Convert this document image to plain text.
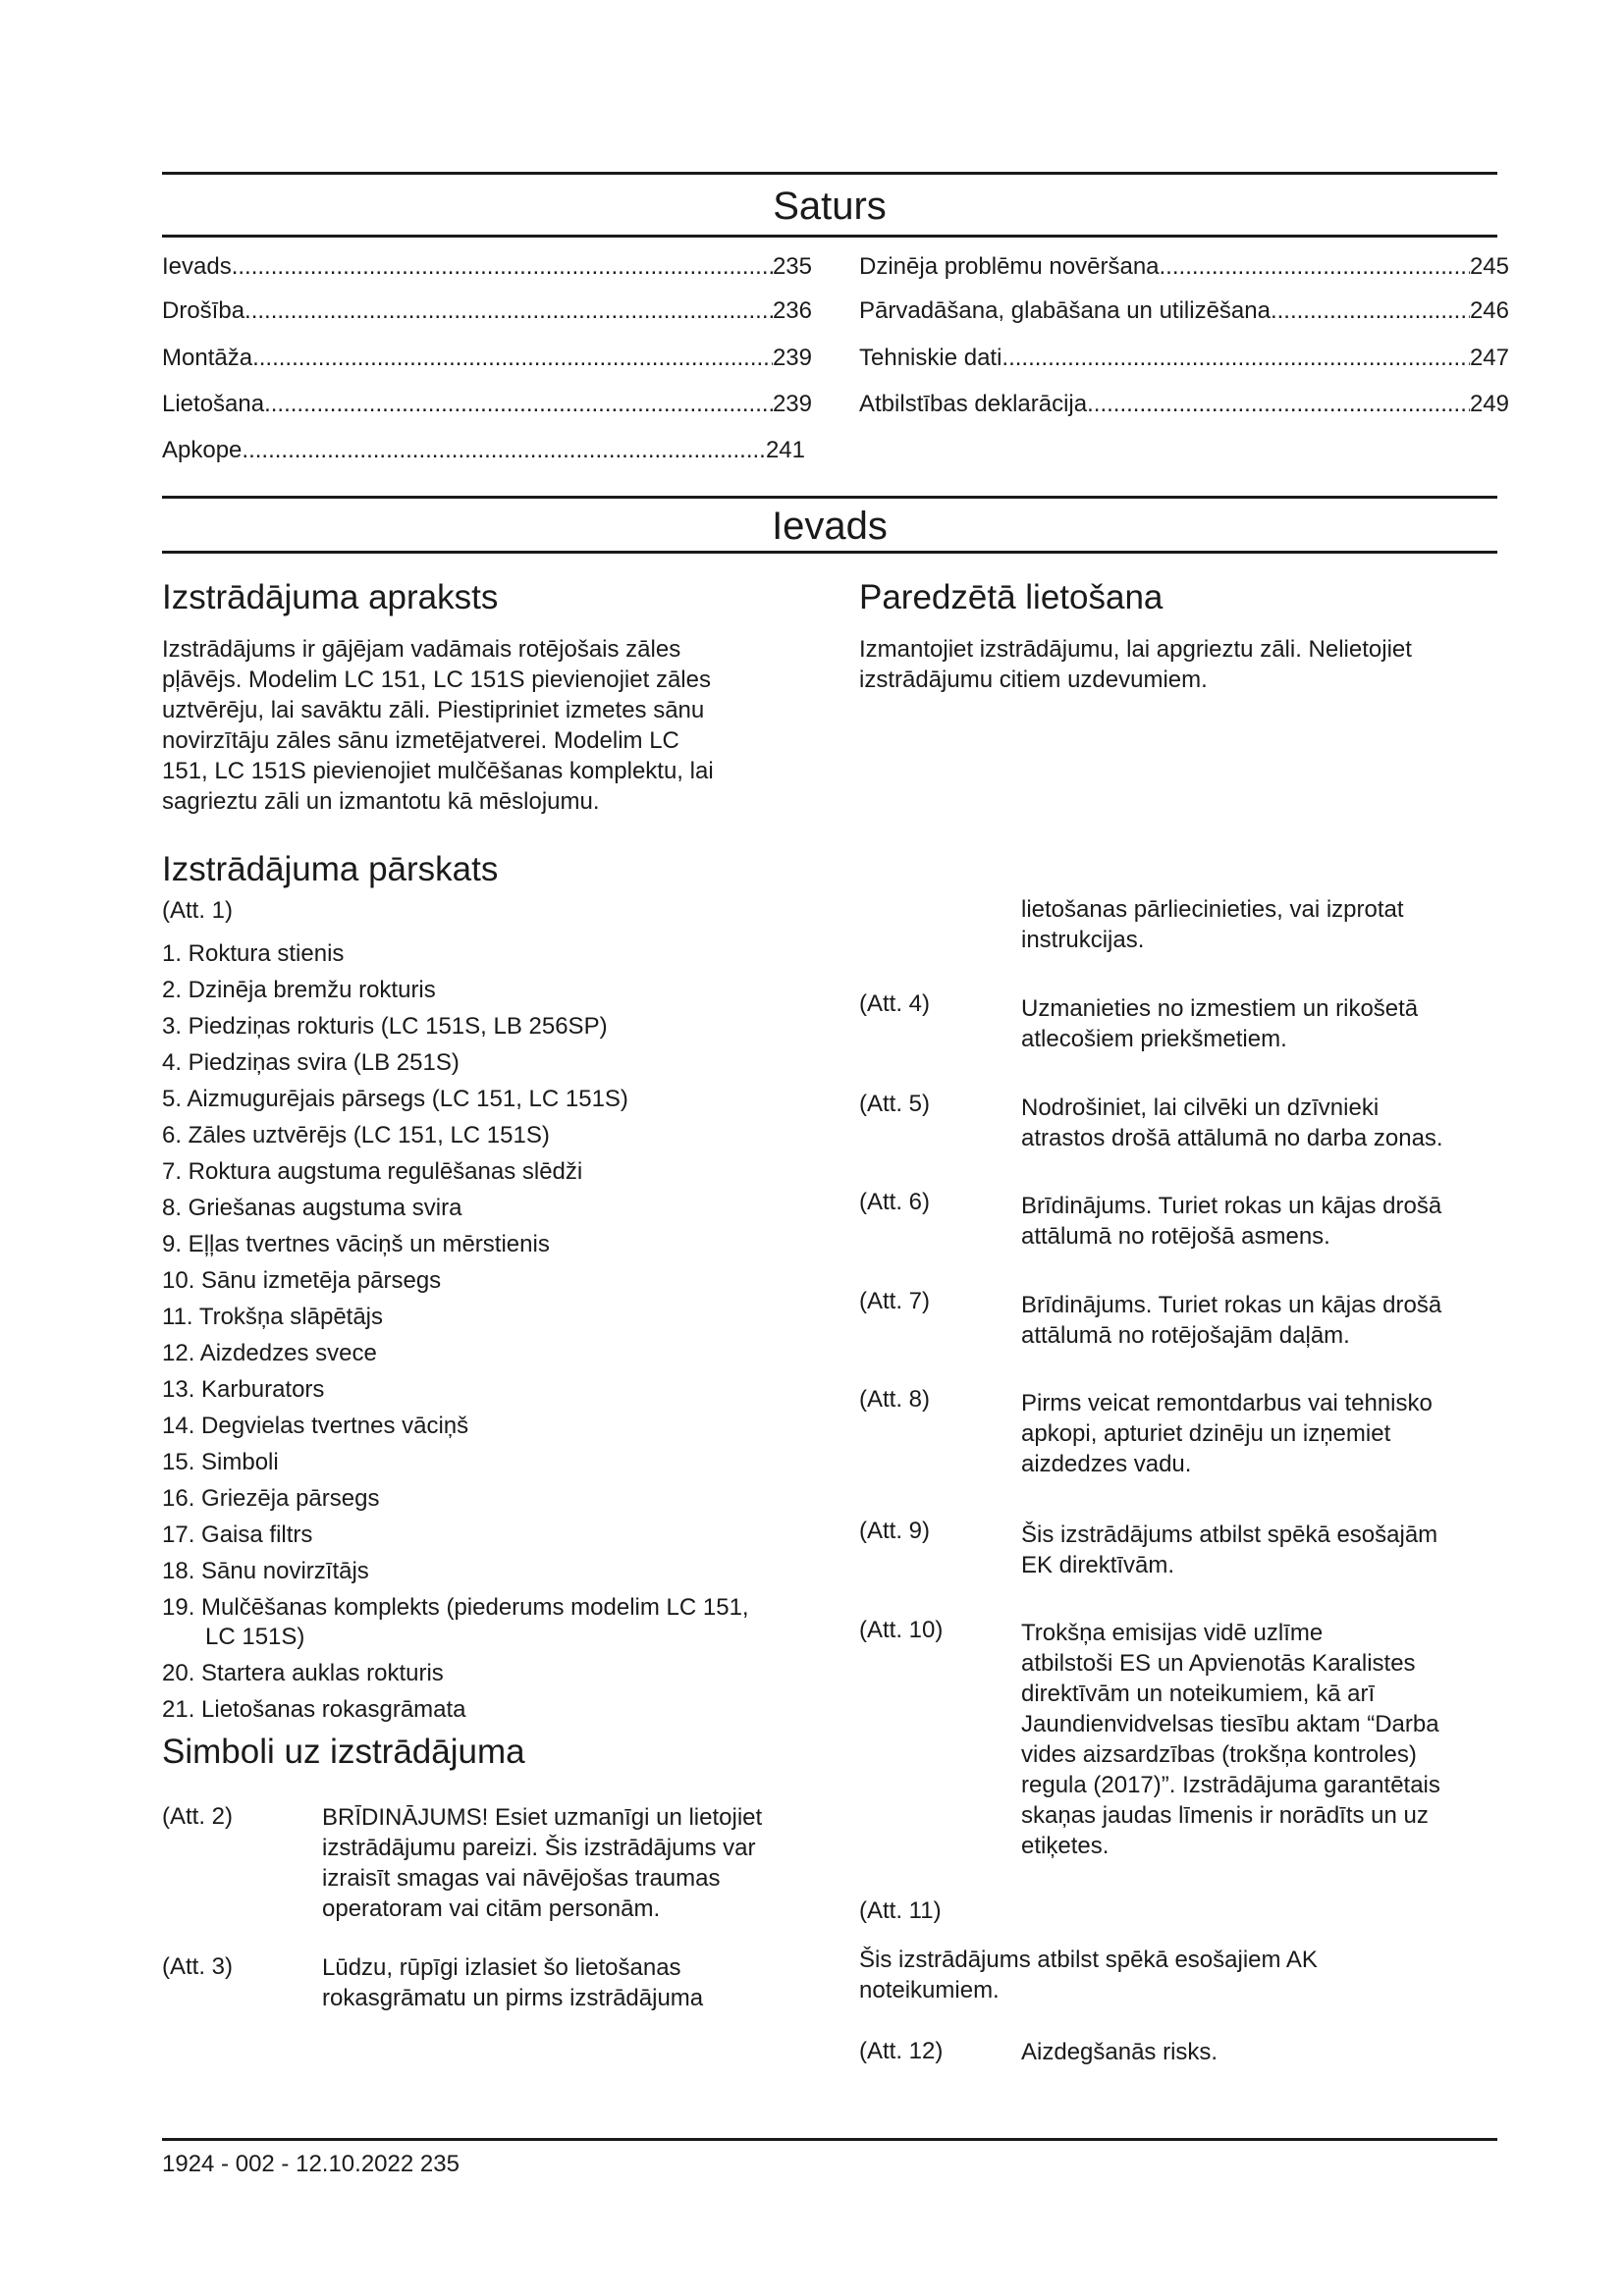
Saturs
Ievads .....	235
Drošība .....	236
Montāža .....	239
Lietošana .....	239
Apkope .....	241
Dzinēja problēmu novēršana .....	245
Pārvadāšana, glabāšana un utilizēšana .....	246
Tehniskie dati .....	247
Atbilstības deklarācija .....	249
Ievads
Izstrādājuma apraksts
Izstrādājums ir gājējam vadāmais rotējošais zāles
pļāvējs. Modelim LC 151, LC 151S pievienojiet zāles
uztvērēju, lai savāktu zāli. Piestipriniet izmetes sānu
novirzītāju zāles sānu izmetējatverei. Modelim LC
151, LC 151S pievienojiet mulčēšanas komplektu, lai
sagrieztu zāli un izmantotu kā mēslojumu.
Izstrādājuma pārskats
(Att. 1)
1. Roktura stienis
2. Dzinēja bremžu rokturis
3. Piedziņas rokturis (LC 151S, LB 256SP)
4. Piedziņas svira (LB 251S)
5. Aizmugurējais pārsegs (LC 151, LC 151S)
6. Zāles uztvērējs (LC 151, LC 151S)
7. Roktura augstuma regulēšanas slēdži
8. Griešanas augstuma svira
9. Eļļas tvertnes vāciņš un mērstienis
10. Sānu izmetēja pārsegs
11. Trokšņa slāpētājs
12. Aizdedzes svece
13. Karburators
14. Degvielas tvertnes vāciņš
15. Simboli
16. Griezēja pārsegs
17. Gaisa filtrs
18. Sānu novirzītājs
19. Mulčēšanas komplekts (piederums modelim LC 151,
LC 151S)
20. Startera auklas rokturis
21. Lietošanas rokasgrāmata
Simboli uz izstrādājuma
(Att. 2)	BRĪDINĀJUMS! Esiet uzmanīgi un lietojiet
izstrādājumu pareizi. Šis izstrādājums var
izraisīt smagas vai nāvējošas traumas
operatoram vai citām personām.
(Att. 3)	Lūdzu, rūpīgi izlasiet šo lietošanas
rokasgrāmatu un pirms izstrādājuma
Paredzētā lietošana
Izmantojiet izstrādājumu, lai apgrieztu zāli. Nelietojiet
izstrādājumu citiem uzdevumiem.
lietošanas pārliecinieties, vai izprotat
instrukcijas.
(Att. 4)	Uzmanieties no izmestiem un rikošetā
atlecošiem priekšmetiem.
(Att. 5)	Nodrošiniet, lai cilvēki un dzīvnieki
atrastos drošā attālumā no darba zonas.
(Att. 6)	Brīdinājums. Turiet rokas un kājas drošā
attālumā no rotējošā asmens.
(Att. 7)	Brīdinājums. Turiet rokas un kājas drošā
attālumā no rotējošajām daļām.
(Att. 8)	Pirms veicat remontdarbus vai tehnisko
apkopi, apturiet dzinēju un izņemiet
aizdedzes vadu.
(Att. 9)	Šis izstrādājums atbilst spēkā esošajām
EK direktīvām.
(Att. 10)	Trokšņa emisijas vidē uzlīme
atbilstoši ES un Apvienotās Karalistes
direktīvām un noteikumiem, kā arī
Jaundienvidvelsas tiesību aktam “Darba
vides aizsardzības (trokšņa kontroles)
regula (2017)”. Izstrādājuma garantētais
skaņas jaudas līmenis ir norādīts un uz
etiķetes.
(Att. 11)
Šis izstrādājums atbilst spēkā esošajiem AK
noteikumiem.
(Att. 12)	Aizdegšanās risks.
1924 - 002 - 12.10.2022 235
